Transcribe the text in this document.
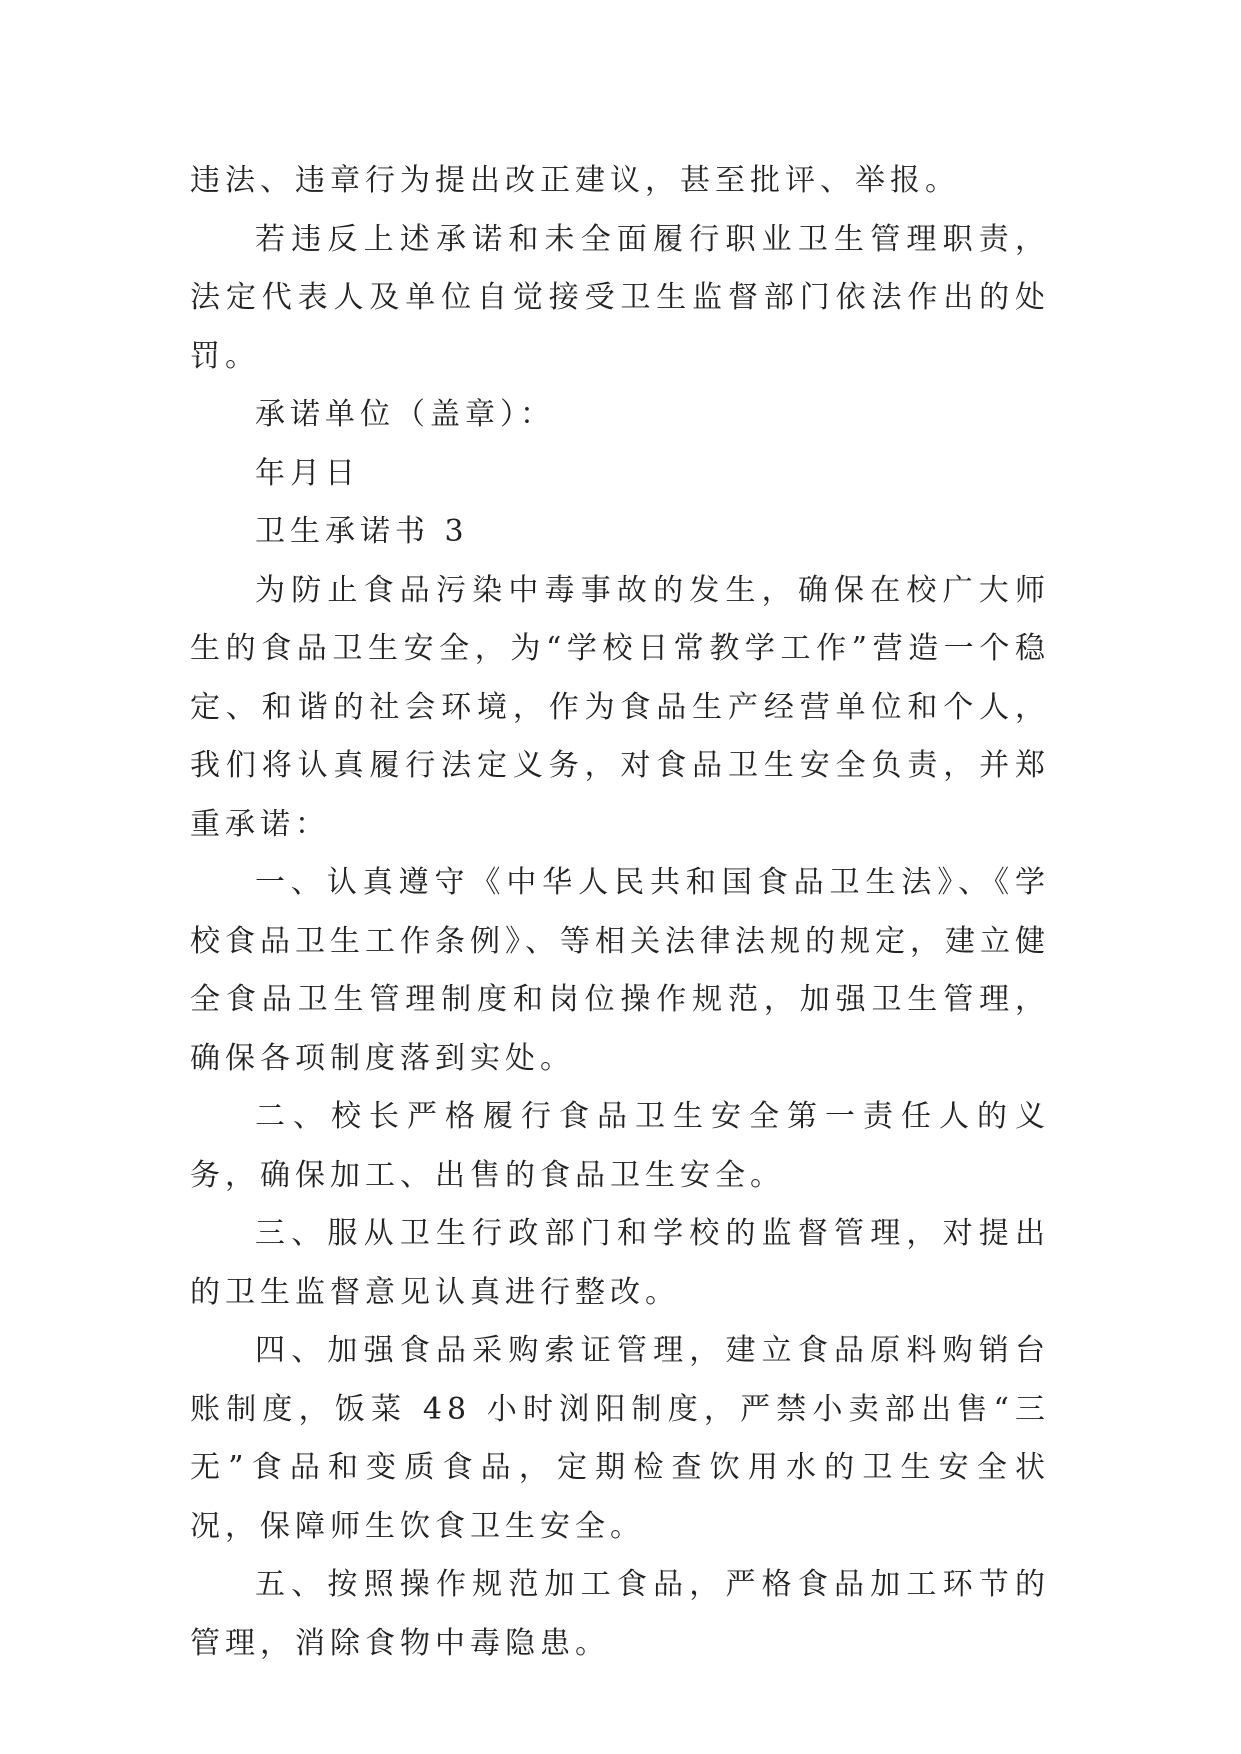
违法、违章行为提出改正建议，甚至批评、举报。

若违反上述承诺和未全面履行职业卫生管理职责，法定代表人及单位自觉接受卫生监督部门依法作出的处罚。

承诺单位（盖章）：

年月日

卫生承诺书 3

为防止食品污染中毒事故的发生，确保在校广大师生的食品卫生安全，为“学校日常教学工作”营造一个稳定、和谐的社会环境，作为食品生产经营单位和个人，我们将认真履行法定义务，对食品卫生安全负责，并郑重承诺：

一、认真遵守《中华人民共和国食品卫生法》、《学校食品卫生工作条例》、等相关法律法规的规定，建立健全食品卫生管理制度和岗位操作规范，加强卫生管理，确保各项制度落到实处。

二、校长严格履行食品卫生安全第一责任人的义务，确保加工、出售的食品卫生安全。

三、服从卫生行政部门和学校的监督管理，对提出的卫生监督意见认真进行整改。

四、加强食品采购索证管理，建立食品原料购销台账制度，饭菜 48 小时浏阳制度，严禁小卖部出售“三无”食品和变质食品，定期检查饮用水的卫生安全状况，保障师生饮食卫生安全。

五、按照操作规范加工食品，严格食品加工环节的管理，消除食物中毒隐患。
